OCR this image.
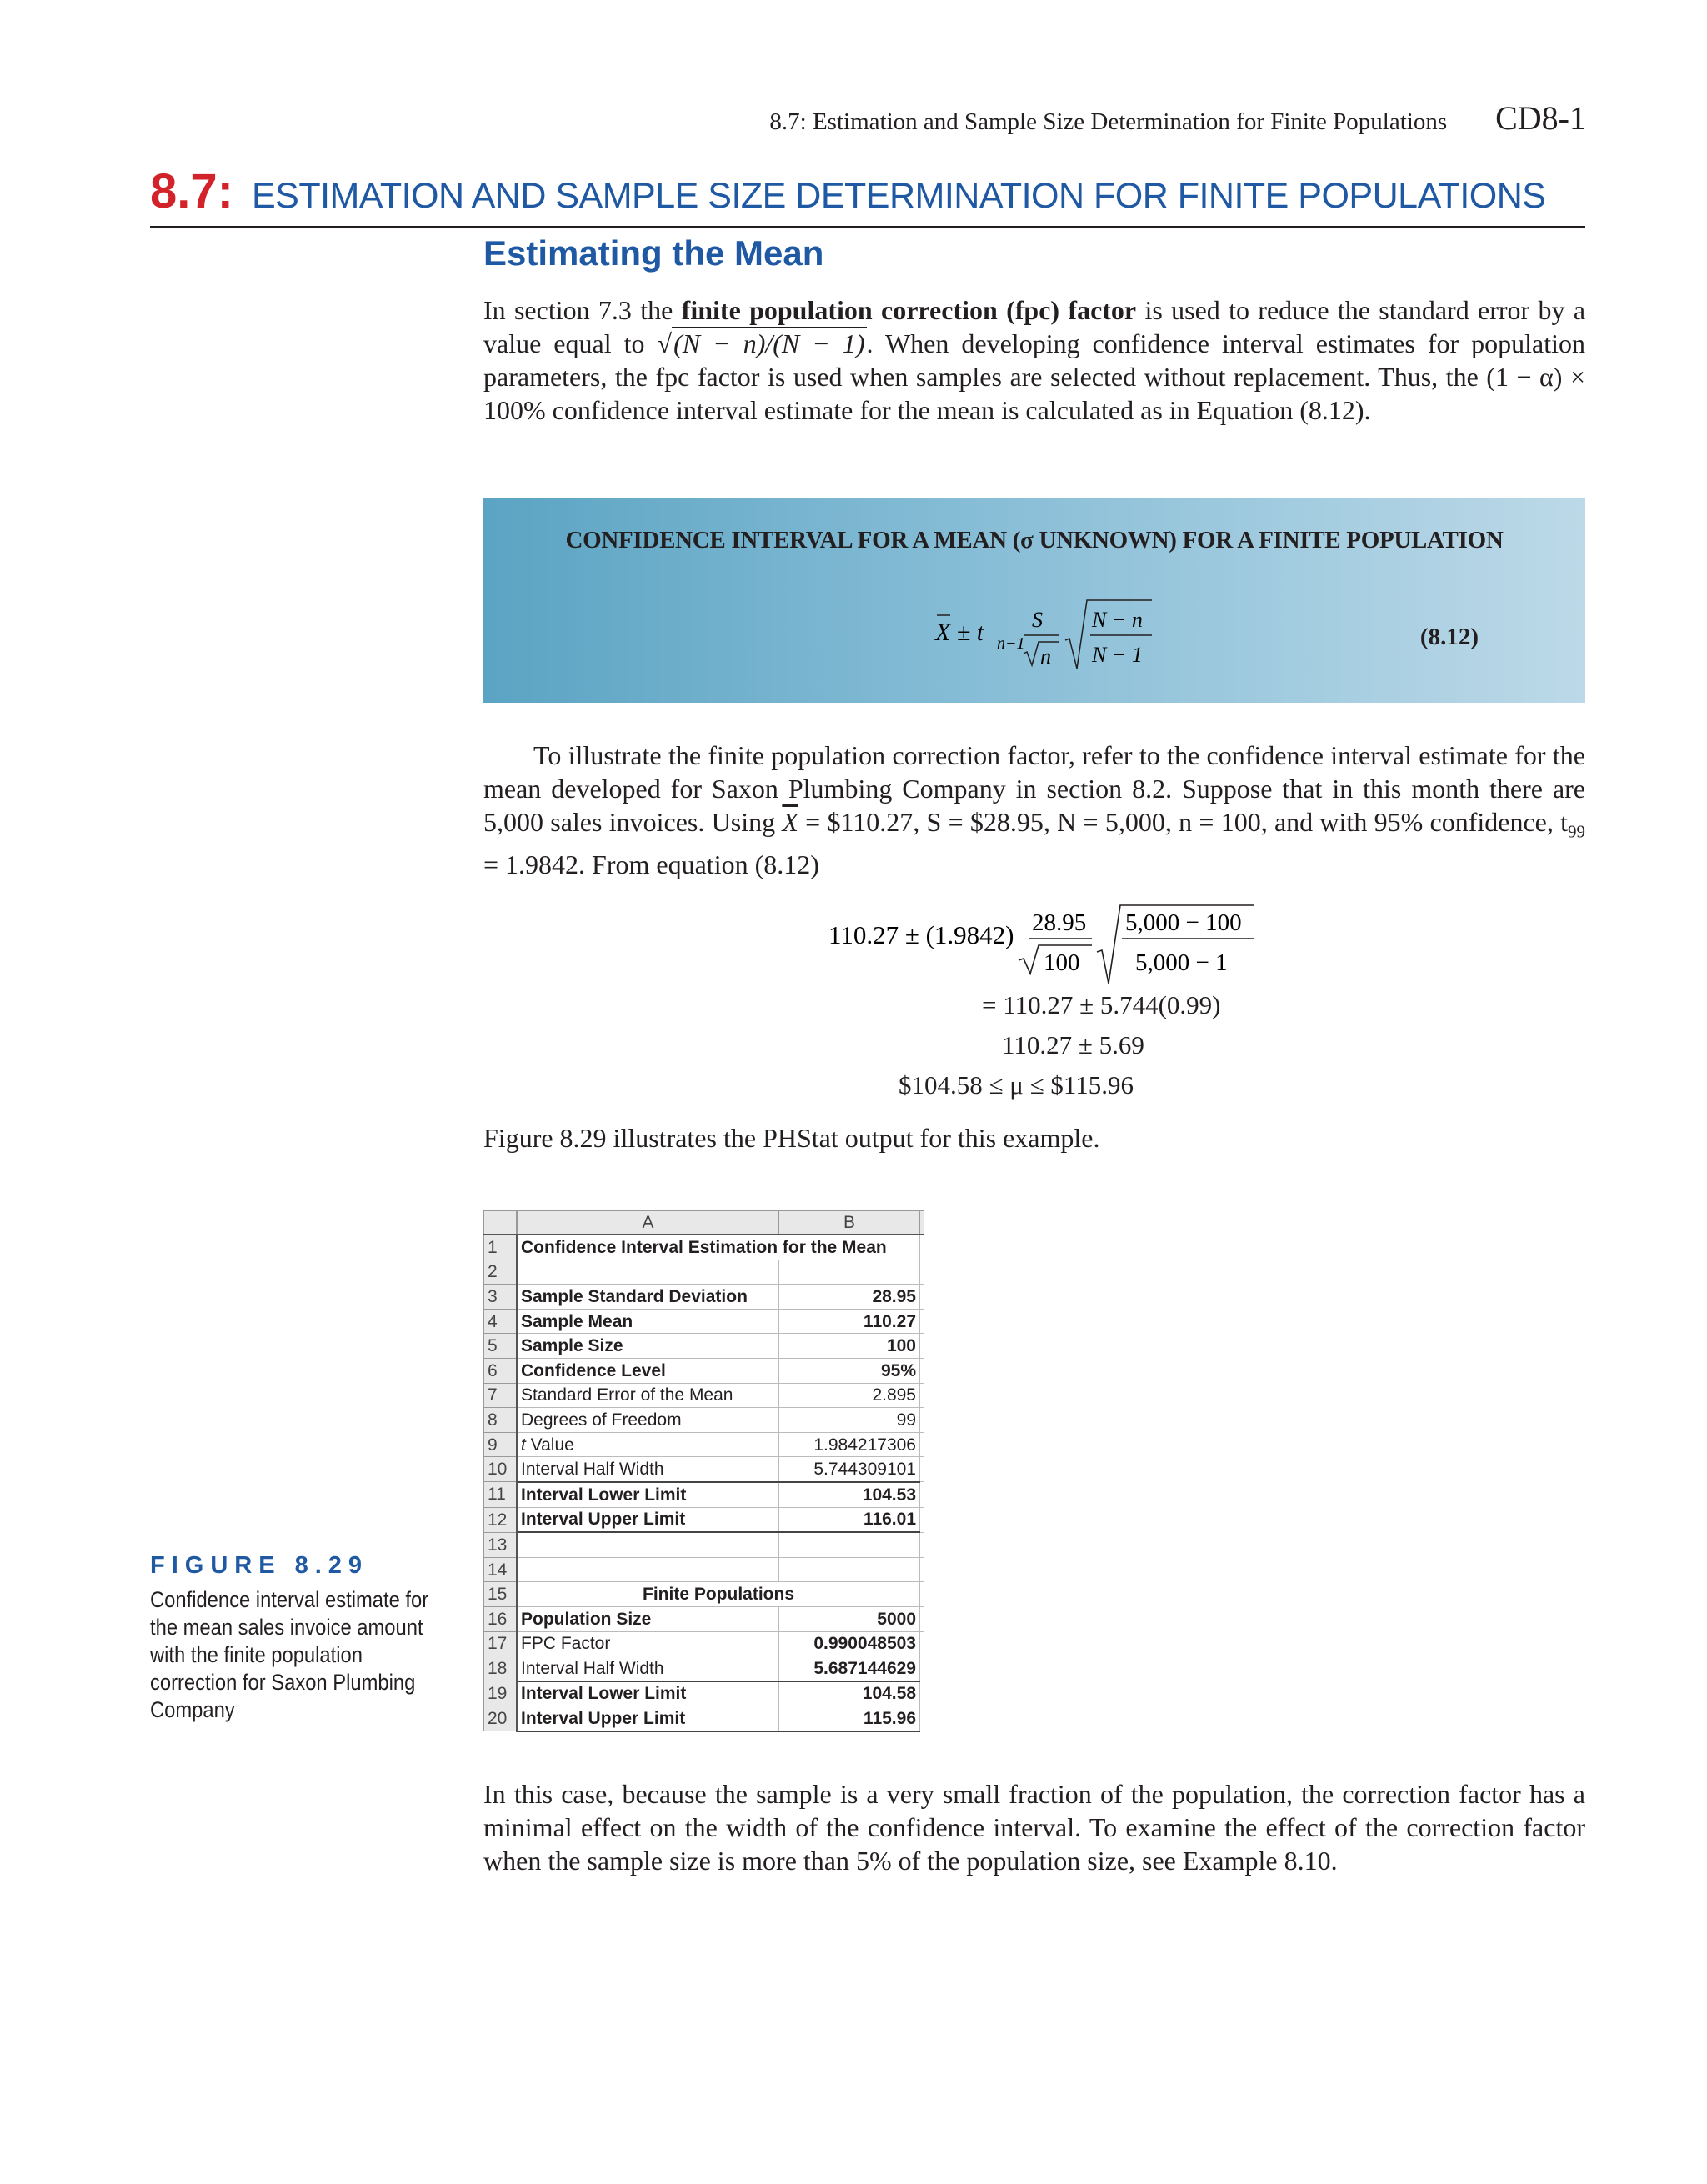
8.7: Estimation and Sample Size Determination for Finite Populations CD8-1
8.7: ESTIMATION AND SAMPLE SIZE DETERMINATION FOR FINITE POPULATIONS
Estimating the Mean

In section 7.3 the finite population correction (fpc) factor is used to reduce the standard error by a value equal to √(N − n)/(N − 1). When developing confidence interval estimates for population parameters, the fpc factor is used when samples are selected without replacement. Thus, the (1 − α) × 100% confidence interval estimate for the mean is calculated as in Equation (8.12).

CONFIDENCE INTERVAL FOR A MEAN (σ UNKNOWN) FOR A FINITE POPULATION
X ± t n−1
S
n
N − n
N − 1
(8.12)

To illustrate the finite population correction factor, refer to the confidence interval estimate for the mean developed for Saxon Plumbing Company in section 8.2. Suppose that in this month there are 5,000 sales invoices. Using $\overline{X}$ = $110.27, S = $28.95, N = 5,000, n = 100, and with 95% confidence, $t_{99} = 1.9842$. From equation (8.12)

110.27 ± (1.9842) 28.95
100
5,000 − 100
5,000 − 1
= 110.27 ± 5.744(0.99)
110.27 ± 5.69
$104.58 ≤ μ ≤ $115.96

Figure 8.29 illustrates the PHStat output for this example.

FIGURE 8.29
Confidence interval estimate for the mean sales invoice amount with the finite population correction for Saxon Plumbing Company
	A	B	
1	Confidence Interval Estimation for the Mean		
2			
3	Sample Standard Deviation	28.95	
4	Sample Mean	110.27	
5	Sample Size	100	
6	Confidence Level	95%	
7	Standard Error of the Mean	2.895	
8	Degrees of Freedom	99	
9	t Value	1.984217306	
10	Interval Half Width	5.744309101	
11	Interval Lower Limit	104.53	
12	Interval Upper Limit	116.01	
13			
14			
15	Finite Populations		
16	Population Size	5000	
17	FPC Factor	0.990048503	
18	Interval Half Width	5.687144629	
19	Interval Lower Limit	104.58	
20	Interval Upper Limit	115.96	

In this case, because the sample is a very small fraction of the population, the correction factor has a minimal effect on the width of the confidence interval. To examine the effect of the correction factor when the sample size is more than 5% of the population size, see Example 8.10.
